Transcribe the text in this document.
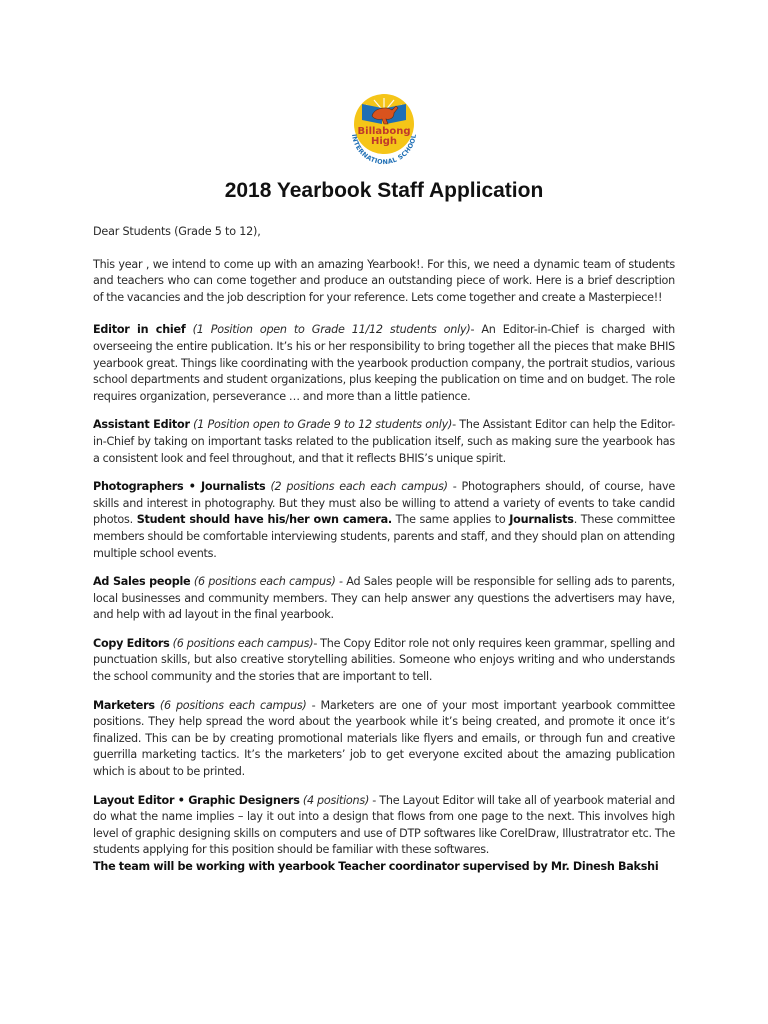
Billabong
High
INTERNATIONAL SCHOOL
2018 Yearbook Staff Application
Dear Students (Grade 5 to 12),

This year , we intend to come up with an amazing Yearbook!. For this, we need a dynamic team of students and teachers who can come together and produce an outstanding piece of work. Here is a brief description of the vacancies and the job description for your reference. Lets come together and create a Masterpiece!!

Editor in chief (1 Position open to Grade 11/12 students only)- An Editor-in-Chief is charged with overseeing the entire publication. It’s his or her responsibility to bring together all the pieces that make BHIS yearbook great. Things like coordinating with the yearbook production company, the portrait studios, various school departments and student organizations, plus keeping the publication on time and on budget. The role requires organization, perseverance … and more than a little patience.

Assistant Editor (1 Position open to Grade 9 to 12 students only)- The Assistant Editor can help the Editor-in-Chief by taking on important tasks related to the publication itself, such as making sure the yearbook has a consistent look and feel throughout, and that it reflects BHIS’s unique spirit.

Photographers • Journalists (2 positions each each campus) - Photographers should, of course, have skills and interest in photography. But they must also be willing to attend a variety of events to take candid photos. Student should have his/her own camera. The same applies to Journalists. These committee members should be comfortable interviewing students, parents and staff, and they should plan on attending multiple school events.

Ad Sales people (6 positions each campus) - Ad Sales people will be responsible for selling ads to parents, local businesses and community members. They can help answer any questions the advertisers may have, and help with ad layout in the final yearbook.

Copy Editors (6 positions each campus)- The Copy Editor role not only requires keen grammar, spelling and punctuation skills, but also creative storytelling abilities. Someone who enjoys writing and who understands the school community and the stories that are important to tell.

Marketers (6 positions each campus) - Marketers are one of your most important yearbook committee positions. They help spread the word about the yearbook while it’s being created, and promote it once it’s finalized. This can be by creating promotional materials like flyers and emails, or through fun and creative guerrilla marketing tactics. It’s the marketers’ job to get everyone excited about the amazing publication which is about to be printed.

Layout Editor • Graphic Designers (4 positions) - The Layout Editor will take all of yearbook material and do what the name implies – lay it out into a design that flows from one page to the next. This involves high level of graphic designing skills on computers and use of DTP softwares like CorelDraw, Illustratrator etc. The students applying for this position should be familiar with these softwares.

The team will be working with yearbook Teacher coordinator supervised by Mr. Dinesh Bakshi
